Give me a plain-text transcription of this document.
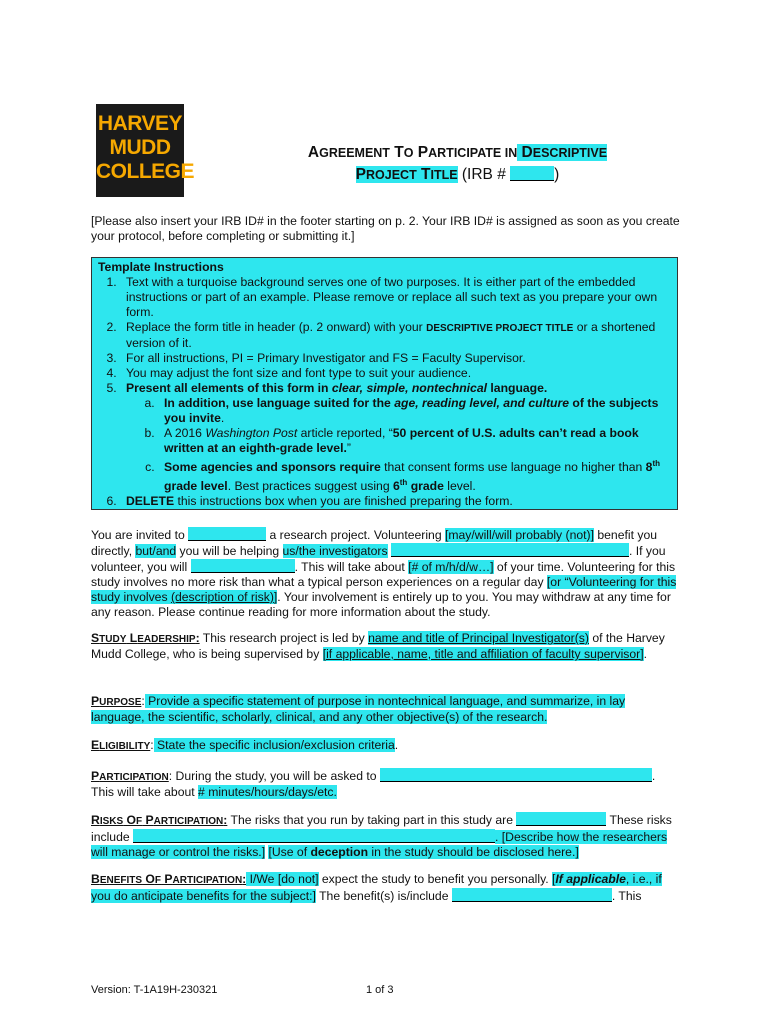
HARVEY
MUDD
COLLEGE
AGREEMENT TO PARTICIPATE IN DESCRIPTIVE
PROJECT TITLE (IRB #	)
[Please also insert your IRB ID# in the footer starting on p. 2. Your IRB ID# is assigned as soon as you create your protocol, before completing or submitting it.]
Template Instructions
1. Text with a turquoise background serves one of two purposes. It is either part of the embedded instructions or part of an example. Please remove or replace all such text as you prepare your own form.
2. Replace the form title in header (p. 2 onward) with your DESCRIPTIVE PROJECT TITLE or a shortened version of it.
3. For all instructions, PI = Primary Investigator and FS = Faculty Supervisor.
4. You may adjust the font size and font type to suit your audience.
5. Present all elements of this form in clear, simple, nontechnical language.
a. In addition, use language suited for the age, reading level, and culture of the subjects you invite.
b. A 2016 Washington Post article reported, “50 percent of U.S. adults can’t read a book written at an eighth-grade level.”
c. Some agencies and sponsors require that consent forms use language no higher than 8th grade level. Best practices suggest using 6th grade level.
6. DELETE this instructions box when you are finished preparing the form.
You are invited to	a research project. Volunteering [may/will/will probably (not)] benefit you directly, but/and you will be helping us/the investigators	. If you volunteer, you will	. This will take about [# of m/h/d/w…] of your time. Volunteering for this study involves no more risk than what a typical person experiences on a regular day [or “Volunteering for this study involves (description of risk)]. Your involvement is entirely up to you. You may withdraw at any time for any reason. Please continue reading for more information about the study.
STUDY LEADERSHIP: This research project is led by name and title of Principal Investigator(s) of the Harvey Mudd College, who is being supervised by [if applicable, name, title and affiliation of faculty supervisor].
PURPOSE: Provide a specific statement of purpose in nontechnical language, and summarize, in lay language, the scientific, scholarly, clinical, and any other objective(s) of the research.
ELIGIBILITY: State the specific inclusion/exclusion criteria.
PARTICIPATION: During the study, you will be asked to	. This will take about # minutes/hours/days/etc.
RISKS OF PARTICIPATION: The risks that you run by taking part in this study are	These risks include	. [Describe how the researchers will manage or control the risks.] [Use of deception in the study should be disclosed here.]
BENEFITS OF PARTICIPATION: I/We [do not] expect the study to benefit you personally. [If applicable, i.e., if you do anticipate benefits for the subject:] The benefit(s) is/include	. This
Version: T-1A19H-230321	1 of 3
